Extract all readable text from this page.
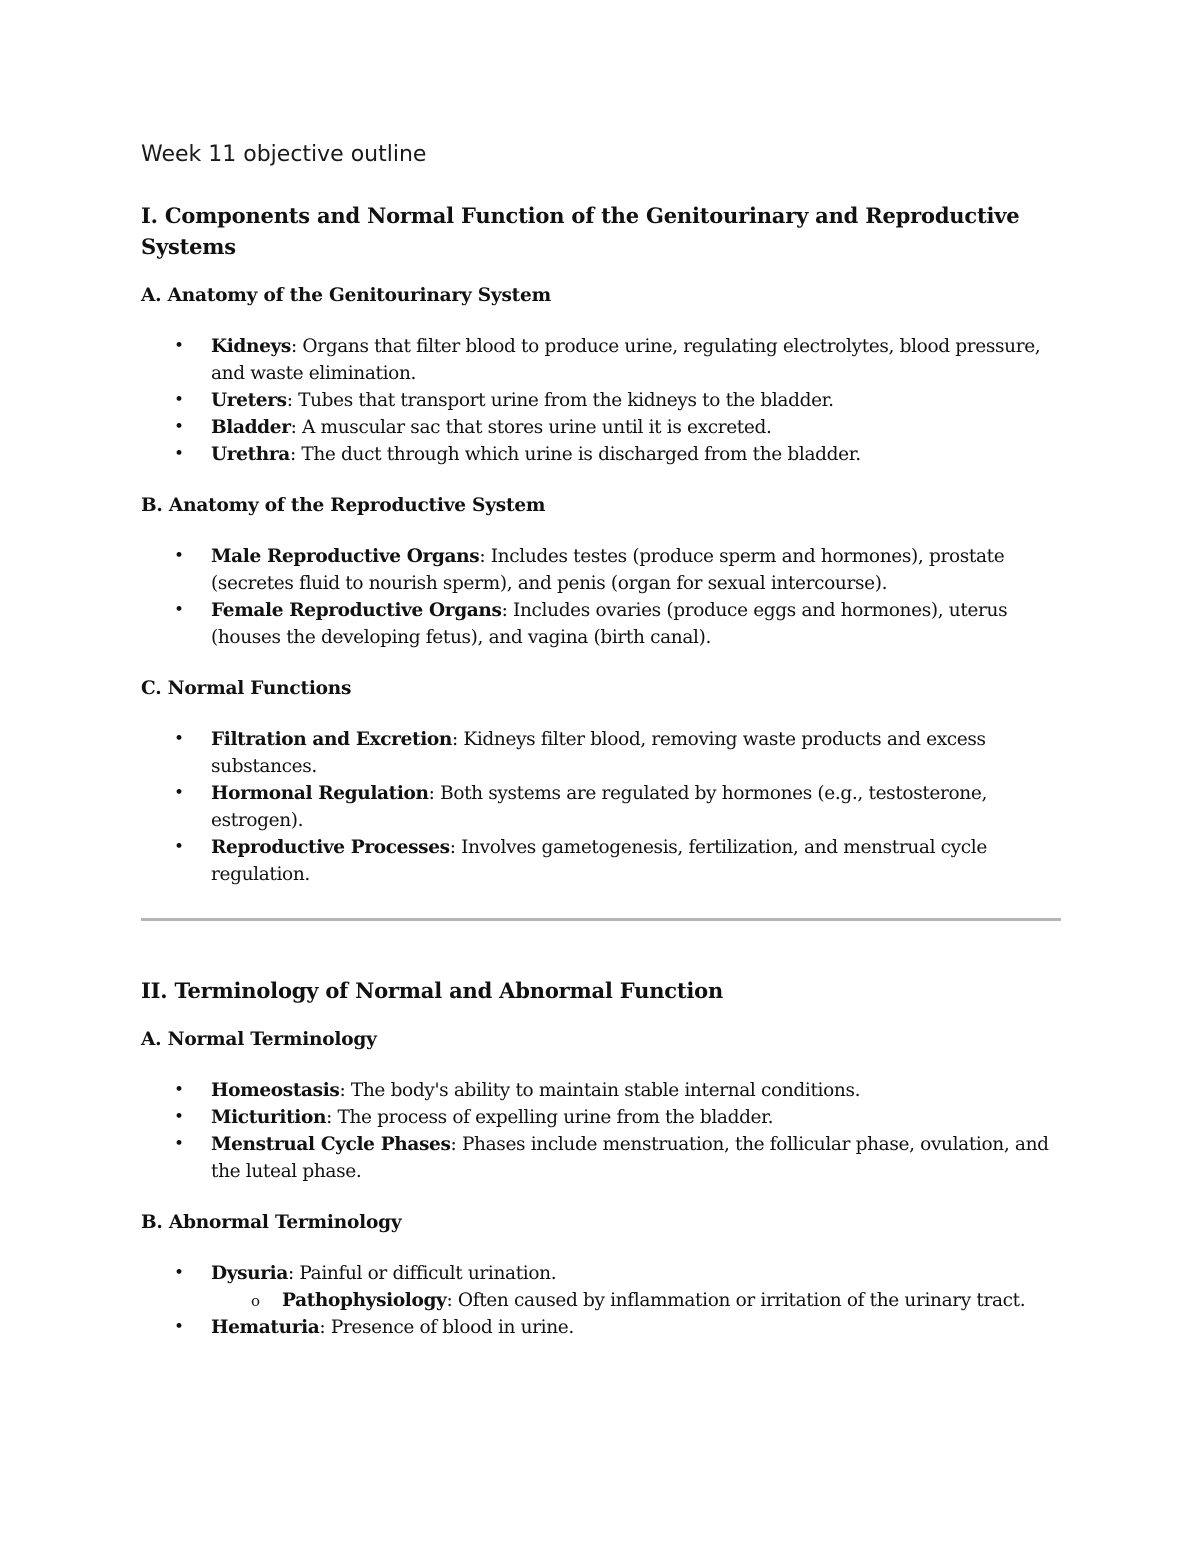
Week 11 objective outline
I. Components and Normal Function of the Genitourinary and Reproductive Systems
A. Anatomy of the Genitourinary System
• Kidneys: Organs that filter blood to produce urine, regulating electrolytes, blood pressure, and waste elimination.
• Ureters: Tubes that transport urine from the kidneys to the bladder.
• Bladder: A muscular sac that stores urine until it is excreted.
• Urethra: The duct through which urine is discharged from the bladder.
B. Anatomy of the Reproductive System
• Male Reproductive Organs: Includes testes (produce sperm and hormones), prostate (secretes fluid to nourish sperm), and penis (organ for sexual intercourse).
• Female Reproductive Organs: Includes ovaries (produce eggs and hormones), uterus (houses the developing fetus), and vagina (birth canal).
C. Normal Functions
• Filtration and Excretion: Kidneys filter blood, removing waste products and excess substances.
• Hormonal Regulation: Both systems are regulated by hormones (e.g., testosterone, estrogen).
• Reproductive Processes: Involves gametogenesis, fertilization, and menstrual cycle regulation.
II. Terminology of Normal and Abnormal Function
A. Normal Terminology
• Homeostasis: The body's ability to maintain stable internal conditions.
• Micturition: The process of expelling urine from the bladder.
• Menstrual Cycle Phases: Phases include menstruation, the follicular phase, ovulation, and the luteal phase.
B. Abnormal Terminology
• Dysuria: Painful or difficult urination.
o Pathophysiology: Often caused by inflammation or irritation of the urinary tract.
• Hematuria: Presence of blood in urine.
